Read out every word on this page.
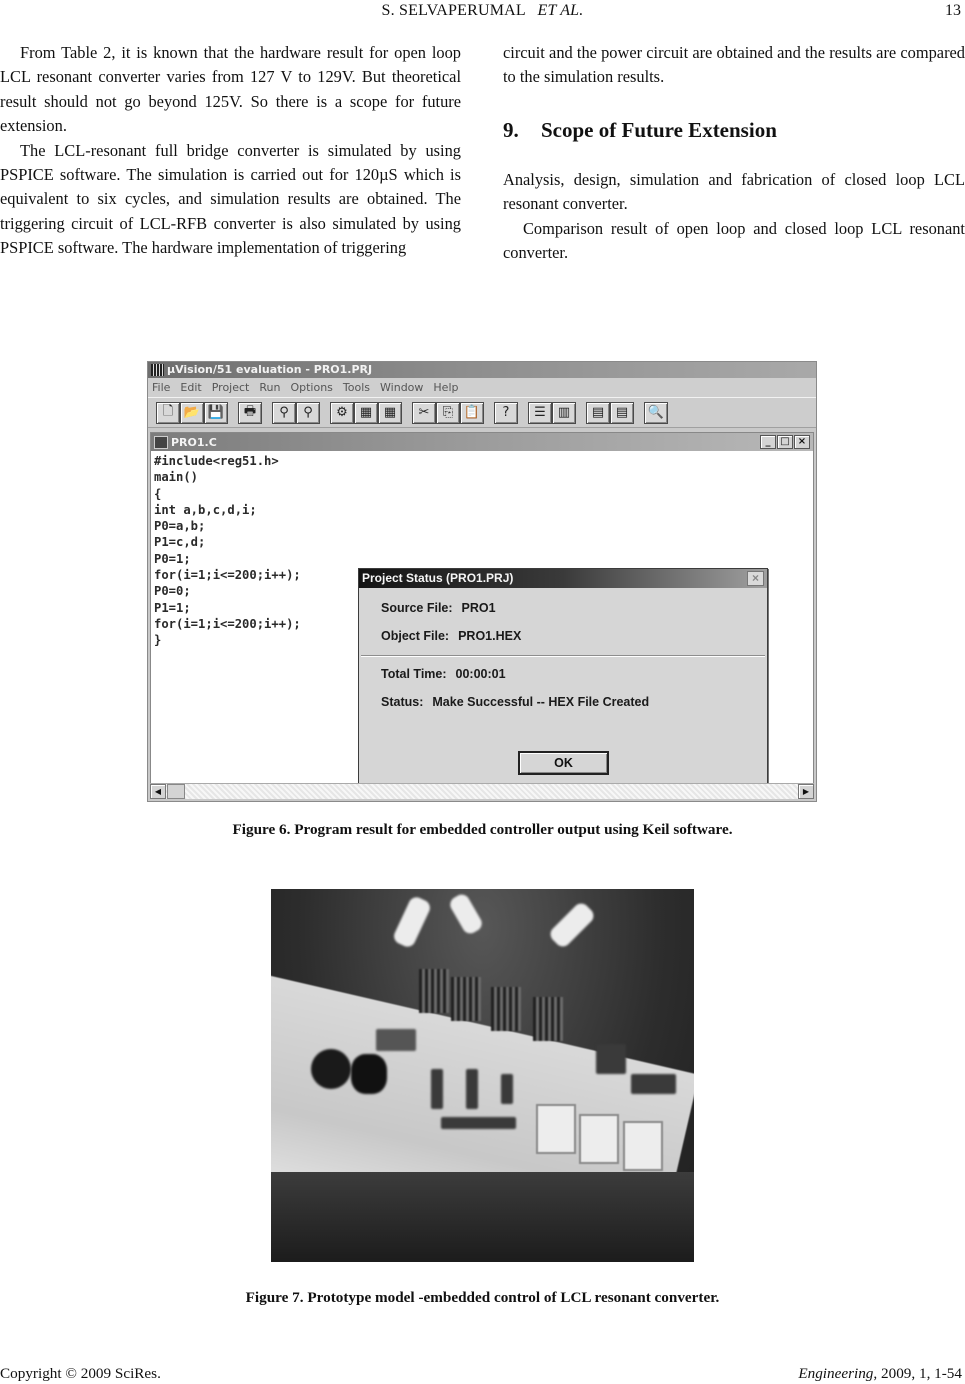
S. SELVAPERUMAL ET AL.	13

From Table 2, it is known that the hardware result for open loop LCL resonant converter varies from 127 V to 129V. But theoretical result should not go beyond 125V. So there is a scope for future extension.

The LCL-resonant full bridge converter is simulated by using PSPICE software. The simulation is carried out for 120µS which is equivalent to six cycles, and simulation results are obtained. The triggering circuit of LCL-RFB converter is also simulated by using PSPICE software. The hardware implementation of triggering

circuit and the power circuit are obtained and the results are compared to the simulation results.

9. Scope of Future Extension

Analysis, design, simulation and fabrication of closed loop LCL resonant converter.

Comparison result of open loop and closed loop LCL resonant converter.

µVision/51 evaluation - PRO1.PRJ
File Edit Project Run Options Tools Window Help
🗋 📂 💾	🖶	⚲	⚲	⚙ ▦ ▦	✂	⎘ 📋	?	☰ ▥	▤ ▤	🔍
PRO1.C	_ □ ×
#include<reg51.h>
main()
{
int a,b,c,d,i;
P0=a,b;
P1=c,d;
P0=1;
for(i=1;i<=200;i++);
P0=0;
P1=1;
for(i=1;i<=200;i++);
}
Project Status (PRO1.PRJ)	×
Source File: PRO1
Object File: PRO1.HEX
Total Time: 00:00:01
Status: Make Successful -- HEX File Created
OK
◀	▶
Figure 6. Program result for embedded controller output using Keil software.
Figure 7. Prototype model -embedded control of LCL resonant converter.
Copyright © 2009 SciRes.	Engineering, 2009, 1, 1-54
